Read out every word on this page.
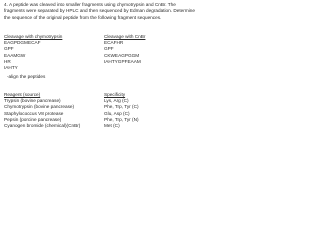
4. A peptide was cleaved into smaller fragments using chymotrypsin and CnBr. The fragments were separated by HPLC and then sequenced by Edman degradation. Determine the sequence of the original peptide from the following fragment sequences.

Cleavage with chymotrypsin
EAGPDGMECAF
GPF
EAAMGW
HR
IAHTY
Cleavage with CnBr
ECAFHR
GPF
CKWEAGPGGM
IAHTYGPFEAAM
-align the peptides
Reagent (source)
Trypsin (bovine pancrease)
Chymotrypsin (bovine pancrease)
Staphylococcus V8 protease
Pepsin (porcine pancrease)
Cyanogen bromide (chemical)(CnBr)
Specificity
Lys, Arg (C)
Phe, Trp, Tyr (C)
Glu, Asp (C)
Phe, Trp, Tyr (N)
Met (C)
